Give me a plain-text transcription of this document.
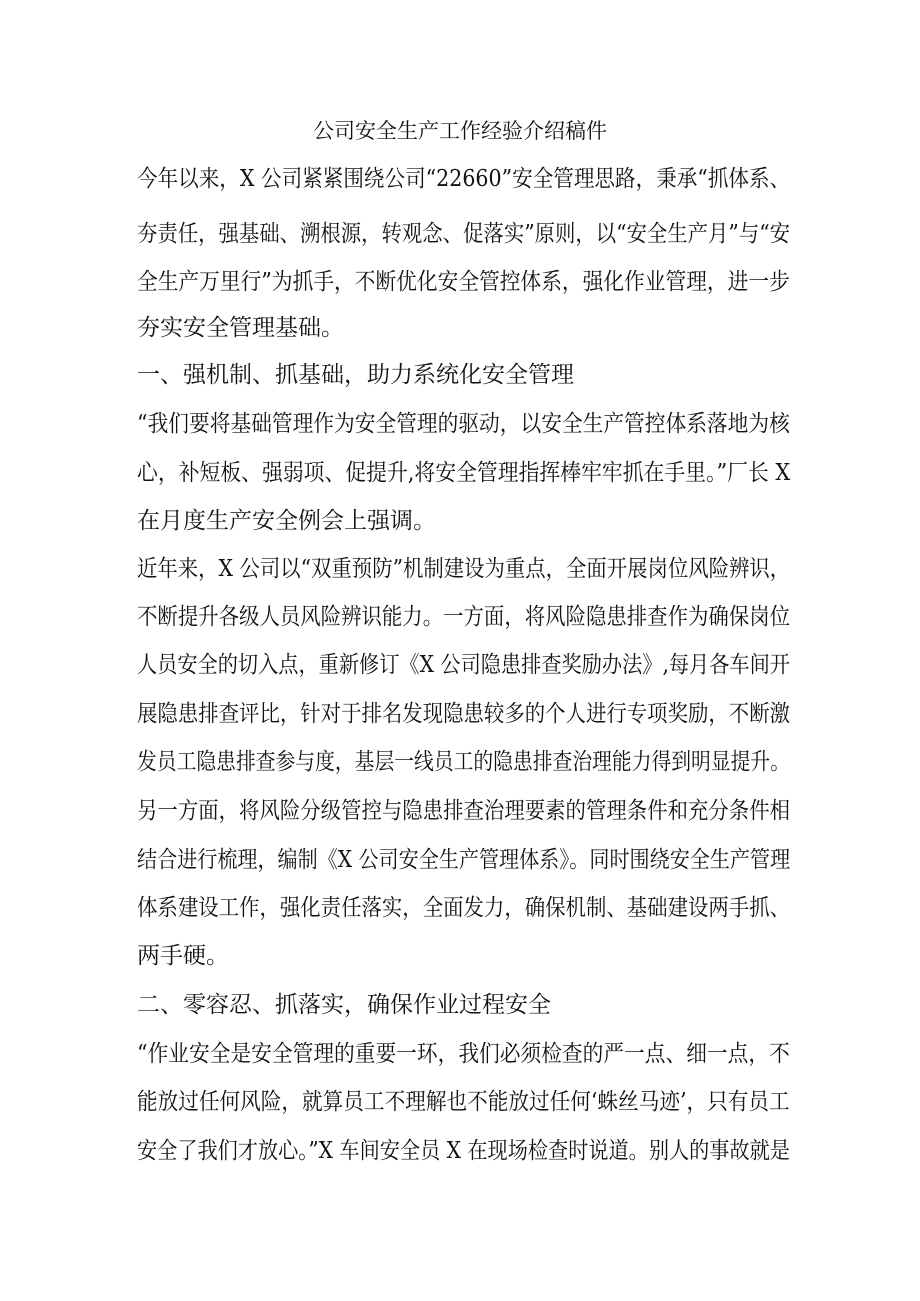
公司安全生产工作经验介绍稿件
今年以来，X 公司紧紧围绕公司“22660”安全管理思路，秉承“抓体系、
夯责任，强基础、溯根源，转观念、促落实”原则，以“安全生产月”与“安
全生产万里行”为抓手，不断优化安全管控体系，强化作业管理，进一步
夯实安全管理基础。
一、强机制、抓基础，助力系统化安全管理
“我们要将基础管理作为安全管理的驱动，以安全生产管控体系落地为核
心，补短板、强弱项、促提升,将安全管理指挥棒牢牢抓在手里。”厂长 X
在月度生产安全例会上强调。
近年来，X 公司以“双重预防”机制建设为重点，全面开展岗位风险辨识，
不断提升各级人员风险辨识能力。一方面，将风险隐患排查作为确保岗位
人员安全的切入点，重新修订《X 公司隐患排查奖励办法》,每月各车间开
展隐患排查评比，针对于排名发现隐患较多的个人进行专项奖励，不断激
发员工隐患排查参与度，基层一线员工的隐患排查治理能力得到明显提升。
另一方面，将风险分级管控与隐患排查治理要素的管理条件和充分条件相
结合进行梳理，编制《X 公司安全生产管理体系》。同时围绕安全生产管理
体系建设工作，强化责任落实，全面发力，确保机制、基础建设两手抓、
两手硬。
二、零容忍、抓落实，确保作业过程安全
“作业安全是安全管理的重要一环，我们必须检查的严一点、细一点，不
能放过任何风险，就算员工不理解也不能放过任何‘蛛丝马迹’，只有员工
安全了我们才放心。”X 车间安全员 X 在现场检查时说道。别人的事故就是
